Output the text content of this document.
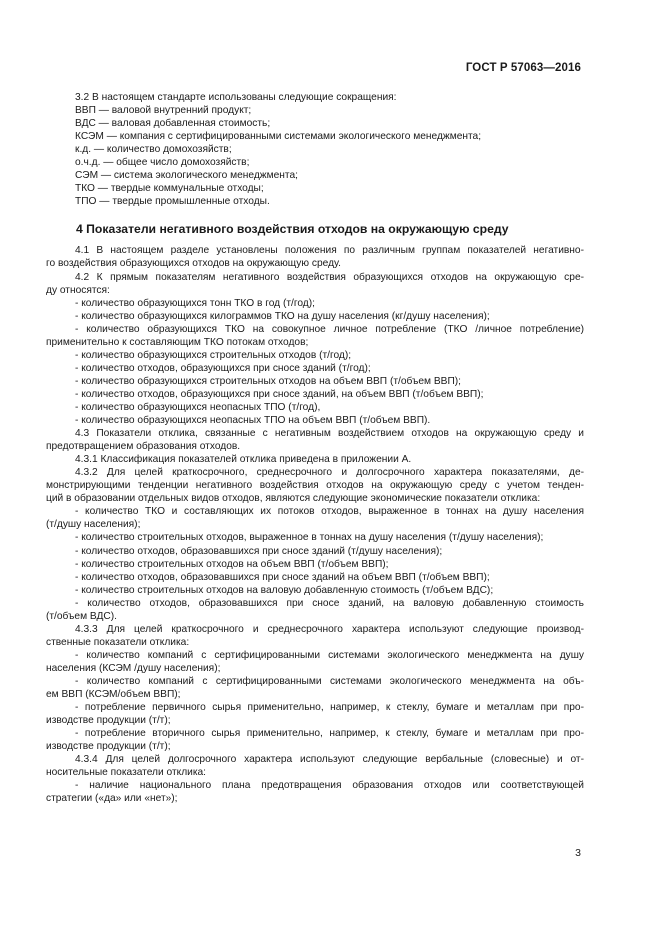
ГОСТ Р 57063—2016
3.2 В настоящем стандарте использованы следующие сокращения:
ВВП — валовой внутренний продукт;
ВДС — валовая добавленная стоимость;
КСЭМ — компания с сертифицированными системами экологического менеджмента;
к.д. — количество домохозяйств;
о.ч.д. — общее число домохозяйств;
СЭМ — система экологического менеджмента;
ТКО — твердые коммунальные отходы;
ТПО — твердые промышленные отходы.
4 Показатели негативного воздействия отходов на окружающую среду
4.1 В настоящем разделе установлены положения по различным группам показателей негативно-
го воздействия образующихся отходов на окружающую среду.
4.2 К прямым показателям негативного воздействия образующихся отходов на окружающую сре-
ду относятся:
- количество образующихся тонн ТКО в год (т/год);
- количество образующихся килограммов ТКО на душу населения (кг/душу населения);
- количество образующихся ТКО на совокупное личное потребление (ТКО /личное потребление)
применительно к составляющим ТКО потокам отходов;
- количество образующихся строительных отходов (т/год);
- количество отходов, образующихся при сносе зданий (т/год);
- количество образующихся строительных отходов на объем ВВП (т/объем ВВП);
- количество отходов, образующихся при сносе зданий, на объем ВВП (т/объем ВВП);
- количество образующихся неопасных ТПО (т/год),
- количество образующихся неопасных ТПО на объем ВВП (т/объем ВВП).
4.3 Показатели отклика, связанные с негативным воздействием отходов на окружающую среду и
предотвращением образования отходов.
4.3.1 Классификация показателей отклика приведена в приложении А.
4.3.2 Для целей краткосрочного, среднесрочного и долгосрочного характера показателями, де-
монстрирующими тенденции негативного воздействия отходов на окружающую среду с учетом тенден-
ций в образовании отдельных видов отходов, являются следующие экономические показатели отклика:
- количество ТКО и составляющих их потоков отходов, выраженное в тоннах на душу населения
(т/душу населения);
- количество строительных отходов, выраженное в тоннах на душу населения (т/душу населения);
- количество отходов, образовавшихся при сносе зданий (т/душу населения);
- количество строительных отходов на объем ВВП (т/объем ВВП);
- количество отходов, образовавшихся при сносе зданий на объем ВВП (т/объем ВВП);
- количество строительных отходов на валовую добавленную стоимость (т/объем ВДС);
- количество отходов, образовавшихся при сносе зданий, на валовую добавленную стоимость
(т/объем ВДС).
4.3.3 Для целей краткосрочного и среднесрочного характера используют следующие производ-
ственные показатели отклика:
- количество компаний с сертифицированными системами экологического менеджмента на душу
населения (КСЭМ /душу населения);
- количество компаний с сертифицированными системами экологического менеджмента на объ-
ем ВВП (КСЭМ/объем ВВП);
- потребление первичного сырья применительно, например, к стеклу, бумаге и металлам при про-
изводстве продукции (т/т);
- потребление вторичного сырья применительно, например, к стеклу, бумаге и металлам при про-
изводстве продукции (т/т);
4.3.4 Для целей долгосрочного характера используют следующие вербальные (словесные) и от-
носительные показатели отклика:
- наличие национального плана предотвращения образования отходов или соответствующей
стратегии («да» или «нет»);
3
